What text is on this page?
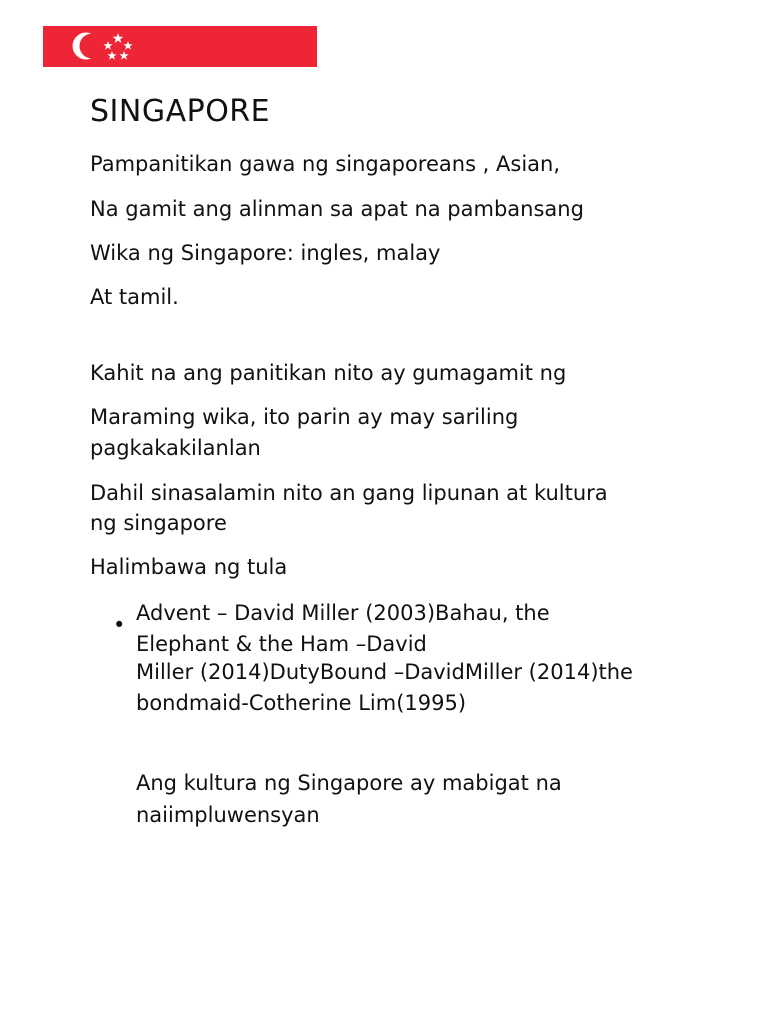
SINGAPORE

Pampanitikan gawa ng singaporeans , Asian,

Na gamit ang alinman sa apat na pambansang

Wika ng Singapore: ingles, malay

At tamil.

Kahit na ang panitikan nito ay gumagamit ng

Maraming wika, ito parin ay may sariling

pagkakakilanlan

Dahil sinasalamin nito an gang lipunan at kultura

ng singapore

Halimbawa ng tula

• Advent – David Miller (2003)Bahau, the

Elephant & the Ham –David

Miller (2014)DutyBound –DavidMiller (2014)the

bondmaid-Cotherine Lim(1995)

Ang kultura ng Singapore ay mabigat na

naiimpluwensyan
